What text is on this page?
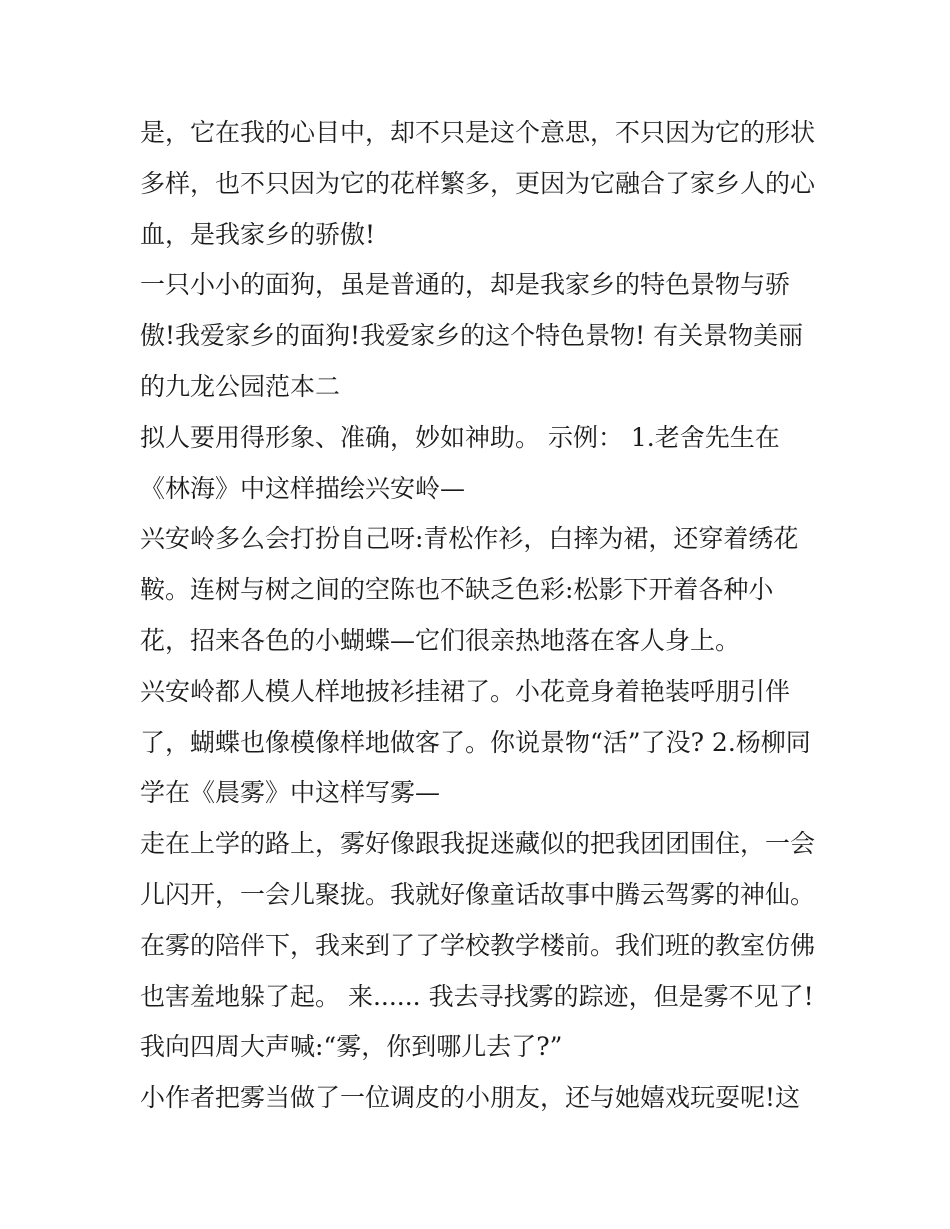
是，它在我的心目中，却不只是这个意思，不只因为它的形状
多样，也不只因为它的花样繁多，更因为它融合了家乡人的心
血，是我家乡的骄傲!
一只小小的面狗，虽是普通的，却是我家乡的特色景物与骄
傲!我爱家乡的面狗!我爱家乡的这个特色景物! 有关景物美丽
的九龙公园范本二
拟人要用得形象、准确，妙如神助。 示例： 1.老舍先生在
《林海》中这样描绘兴安岭—
兴安岭多么会打扮自己呀:青松作衫，白摔为裙，还穿着绣花
鞍。连树与树之间的空陈也不缺乏色彩:松影下开着各种小
花，招来各色的小蝴蝶—它们很亲热地落在客人身上。
兴安岭都人模人样地披衫挂裙了。小花竟身着艳装呼朋引伴
了，蝴蝶也像模像样地做客了。你说景物“活”了没? 2.杨柳同
学在《晨雾》中这样写雾—
走在上学的路上，雾好像跟我捉迷藏似的把我团团围住，一会
儿闪开，一会儿聚拢。我就好像童话故事中腾云驾雾的神仙。
在雾的陪伴下，我来到了了学校教学楼前。我们班的教室仿佛
也害羞地躲了起。 来...... 我去寻找雾的踪迹，但是雾不见了!
我向四周大声喊:“雾，你到哪儿去了?”
小作者把雾当做了一位调皮的小朋友，还与她嬉戏玩耍呢!这
